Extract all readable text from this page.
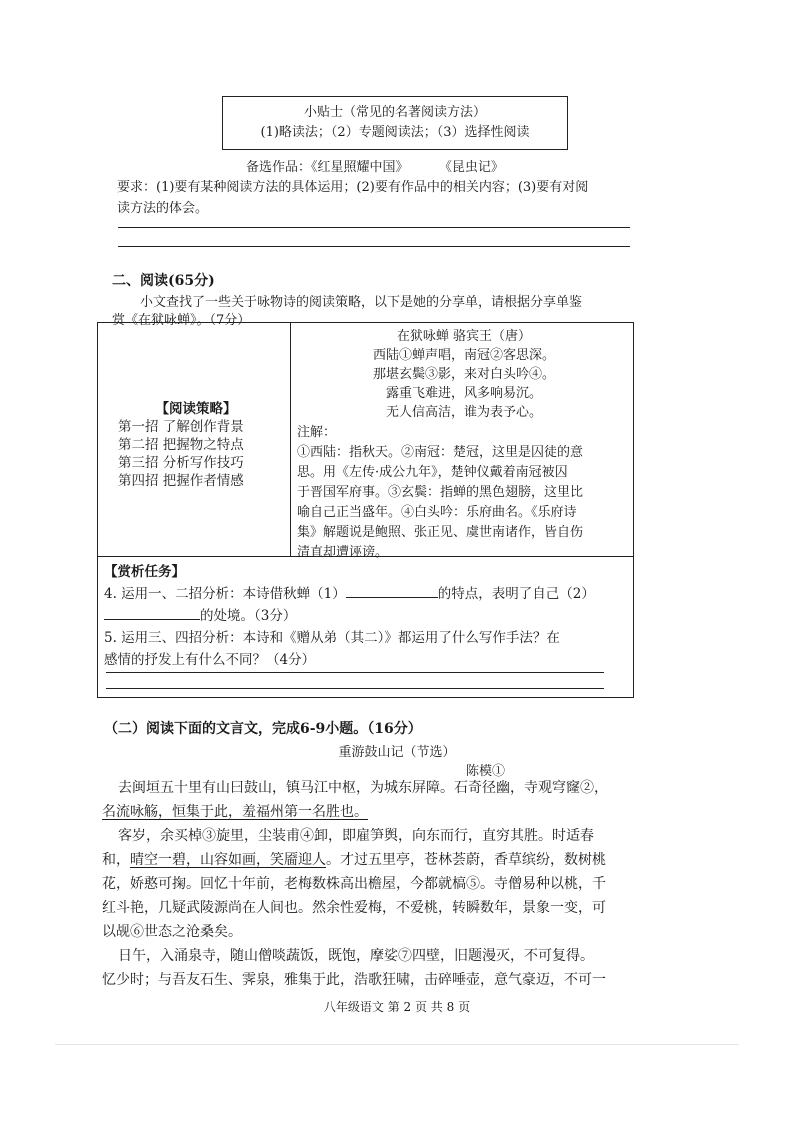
小贴士（常见的名著阅读方法）
(1)略读法；（2）专题阅读法；（3）选择性阅读
备选作品：《红星照耀中国》 《昆虫记》
要求：(1)要有某种阅读方法的具体运用；(2)要有作品中的相关内容；(3)要有对阅
读方法的体会。
二、阅读(65分)
小文查找了一些关于咏物诗的阅读策略，以下是她的分享单，请根据分享单鉴
赏《在狱咏蝉》。（7分）
【阅读策略】
第一招 了解创作背景
第二招 把握物之特点
第三招 分析写作技巧
第四招 把握作者情感
在狱咏蝉 骆宾王（唐）
西陆①蝉声唱，南冠②客思深。
那堪玄鬓③影，来对白头吟④。
露重飞难进，风多响易沉。
无人信高洁，谁为表予心。
注解：
①西陆：指秋天。②南冠：楚冠，这里是囚徒的意
思。用《左传·成公九年》，楚钟仪戴着南冠被囚
于晋国军府事。③玄鬓：指蝉的黑色翅膀，这里比
喻自己正当盛年。④白头吟：乐府曲名。《乐府诗
集》解题说是鲍照、张正见、虞世南诸作，皆自伤
清直却遭诬谤。
【赏析任务】
4. 运用一、二招分析：本诗借秋蝉（1）	的特点，表明了自己（2）
的处境。（3分）
5. 运用三、四招分析：本诗和《赠从弟（其二）》都运用了什么写作手法？在
感情的抒发上有什么不同？（4分）
（二）阅读下面的文言文，完成6-9小题。（16分）
重游鼓山记（节选）
陈模①
去闽垣五十里有山曰鼓山，镇马江中枢，为城东屏障。石奇径幽，寺观穹窿②，
名流咏觞，恒集于此，羞福州第一名胜也。
客岁，余买棹③旋里，尘装甫④卸，即雇笋舆，向东而行，直穷其胜。时适春
和，晴空一碧，山容如画，笑靥迎人。才过五里亭，苍林荟蔚，香草缤纷，数树桃
花，娇憨可掬。回忆十年前，老梅数株高出檐屋，今都就槁⑤。寺僧易种以桃，千
红斗艳，几疑武陵源尚在人间也。然余性爱梅，不爱桃，转瞬数年，景象一变，可
以觇⑥世态之沧桑矣。
日午，入涌泉寺，随山僧啖蔬饭，既饱，摩娑⑦四壁，旧题漫灭，不可复得。
忆少时；与吾友石生、霁泉，雅集于此，浩歌狂啸，击碎唾壶，意气豪迈，不可一
八年级语文 第 2 页 共 8 页
